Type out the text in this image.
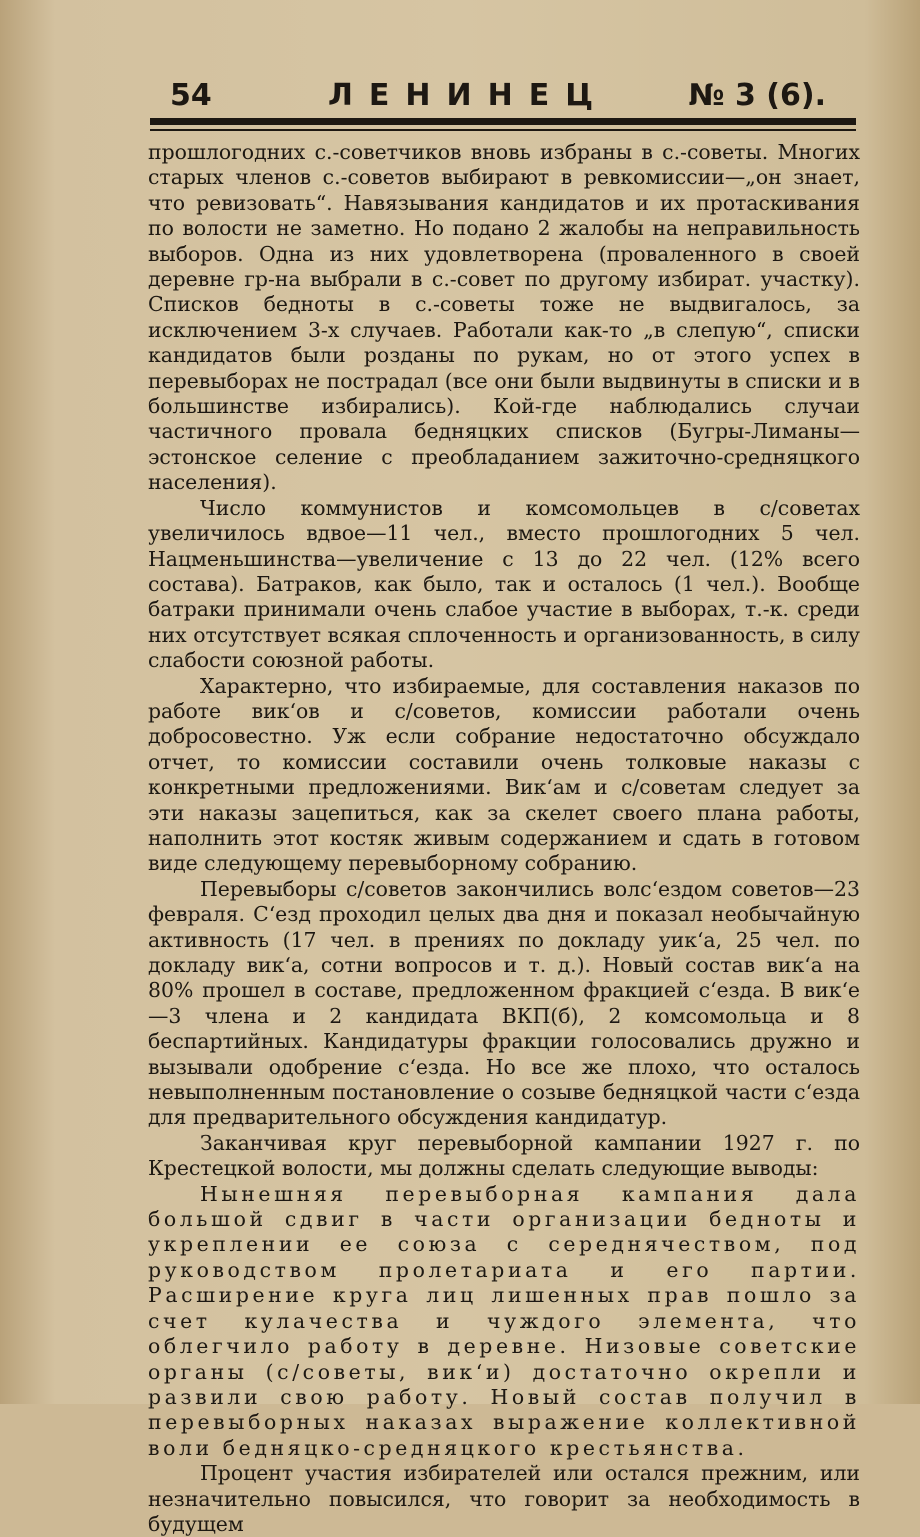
54	ЛЕНИНЕЦ	№ 3 (6).

прошлогодних с.-советчиков вновь избраны в с.-советы. Многих старых членов с.-советов выбирают в ревкомиссии—„он знает, что ревизовать“. Навязывания кандидатов и их протаскивания по волости не заметно. Но подано 2 жалобы на неправильность выборов. Одна из них удовлетворена (проваленного в своей деревне гр-на выбрали в с.-совет по другому избират. участку). Списков бедноты в с.-советы тоже не выдвигалось, за исключением 3-х случаев. Работали как-то „в слепую“, списки кандидатов были розданы по рукам, но от этого успех в перевыборах не пострадал (все они были выдвинуты в списки и в большинстве избирались). Кой-где наблюдались случаи частичного провала бедняцких списков (Бугры-Лиманы—эстонское селение с преобладанием зажиточно-средняцкого населения).

Число коммунистов и комсомольцев в с/советах увеличилось вдвое—11 чел., вместо прошлогодних 5 чел. Нацменьшинства—увеличение с 13 до 22 чел. (12% всего состава). Батраков, как было, так и осталось (1 чел.). Вообще батраки принимали очень слабое участие в выборах, т.-к. среди них отсутствует всякая сплоченность и организованность, в силу слабости союзной работы.

Характерно, что избираемые, для составления наказов по работе вик‘ов и с/советов, комиссии работали очень добросовестно. Уж если собрание недостаточно обсуждало отчет, то комиссии составили очень толковые наказы с конкретными предложениями. Вик‘ам и с/советам следует за эти наказы зацепиться, как за скелет своего плана работы, наполнить этот костяк живым содержанием и сдать в готовом виде следующему перевыборному собранию.

Перевыборы с/советов закончились волс‘ездом советов—23 февраля. С‘езд проходил целых два дня и показал необычайную активность (17 чел. в прениях по докладу уик‘а, 25 чел. по докладу вик‘а, сотни вопросов и т. д.). Новый состав вик‘а на 80% прошел в составе, предложенном фракцией с‘езда. В вик‘е—3 члена и 2 кандидата ВКП(б), 2 комсомольца и 8 беспартийных. Кандидатуры фракции голосовались дружно и вызывали одобрение с‘езда. Но все же плохо, что осталось невыполненным постановление о созыве бедняцкой части с‘езда для предварительного обсуждения кандидатур.

Заканчивая круг перевыборной кампании 1927 г. по Крестецкой волости, мы должны сделать следующие выводы:

Нынешняя перевыборная кампания дала большой сдвиг в части организации бедноты и укреплении ее союза с середнячеством, под руководством пролетариата и его партии. Расширение круга лиц лишенных прав пошло за счет кулачества и чуждого элемента, что облегчило работу в деревне. Низовые советские органы (с/советы, вик‘и) достаточно окрепли и развили свою работу. Новый состав получил в перевыборных наказах выражение коллективной воли бедняцко-средняцкого крестьянства.

Процент участия избирателей или остался прежним, или незначительно повысился, что говорит за необходимость в будущем
